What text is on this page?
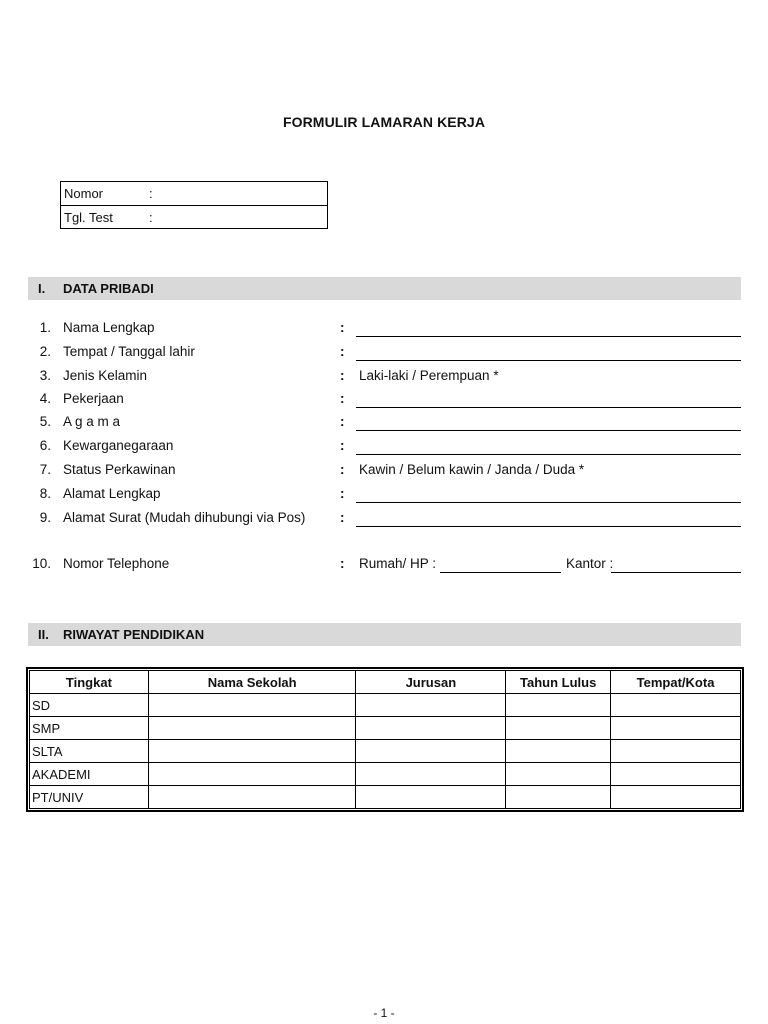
FORMULIR LAMARAN KERJA
Nomor	:
Tgl. Test	:
I. DATA PRIBADI
1. Nama Lengkap	:
2. Tempat / Tanggal lahir	:
3. Jenis Kelamin	: Laki-laki / Perempuan *
4. Pekerjaan	:
5. A g a m a	:
6. Kewarganegaraan	:
7. Status Perkawinan	: Kawin / Belum kawin / Janda / Duda *
8. Alamat Lengkap	:
9. Alamat Surat (Mudah dihubungi via Pos)	:
10. Nomor Telephone	: Rumah/ HP :	Kantor :
II. RIWAYAT PENDIDIKAN
Tingkat	Nama Sekolah	Jurusan	Tahun Lulus	Tempat/Kota
SD				
SMP				
SLTA				
AKADEMI				
PT/UNIV				
- 1 -
